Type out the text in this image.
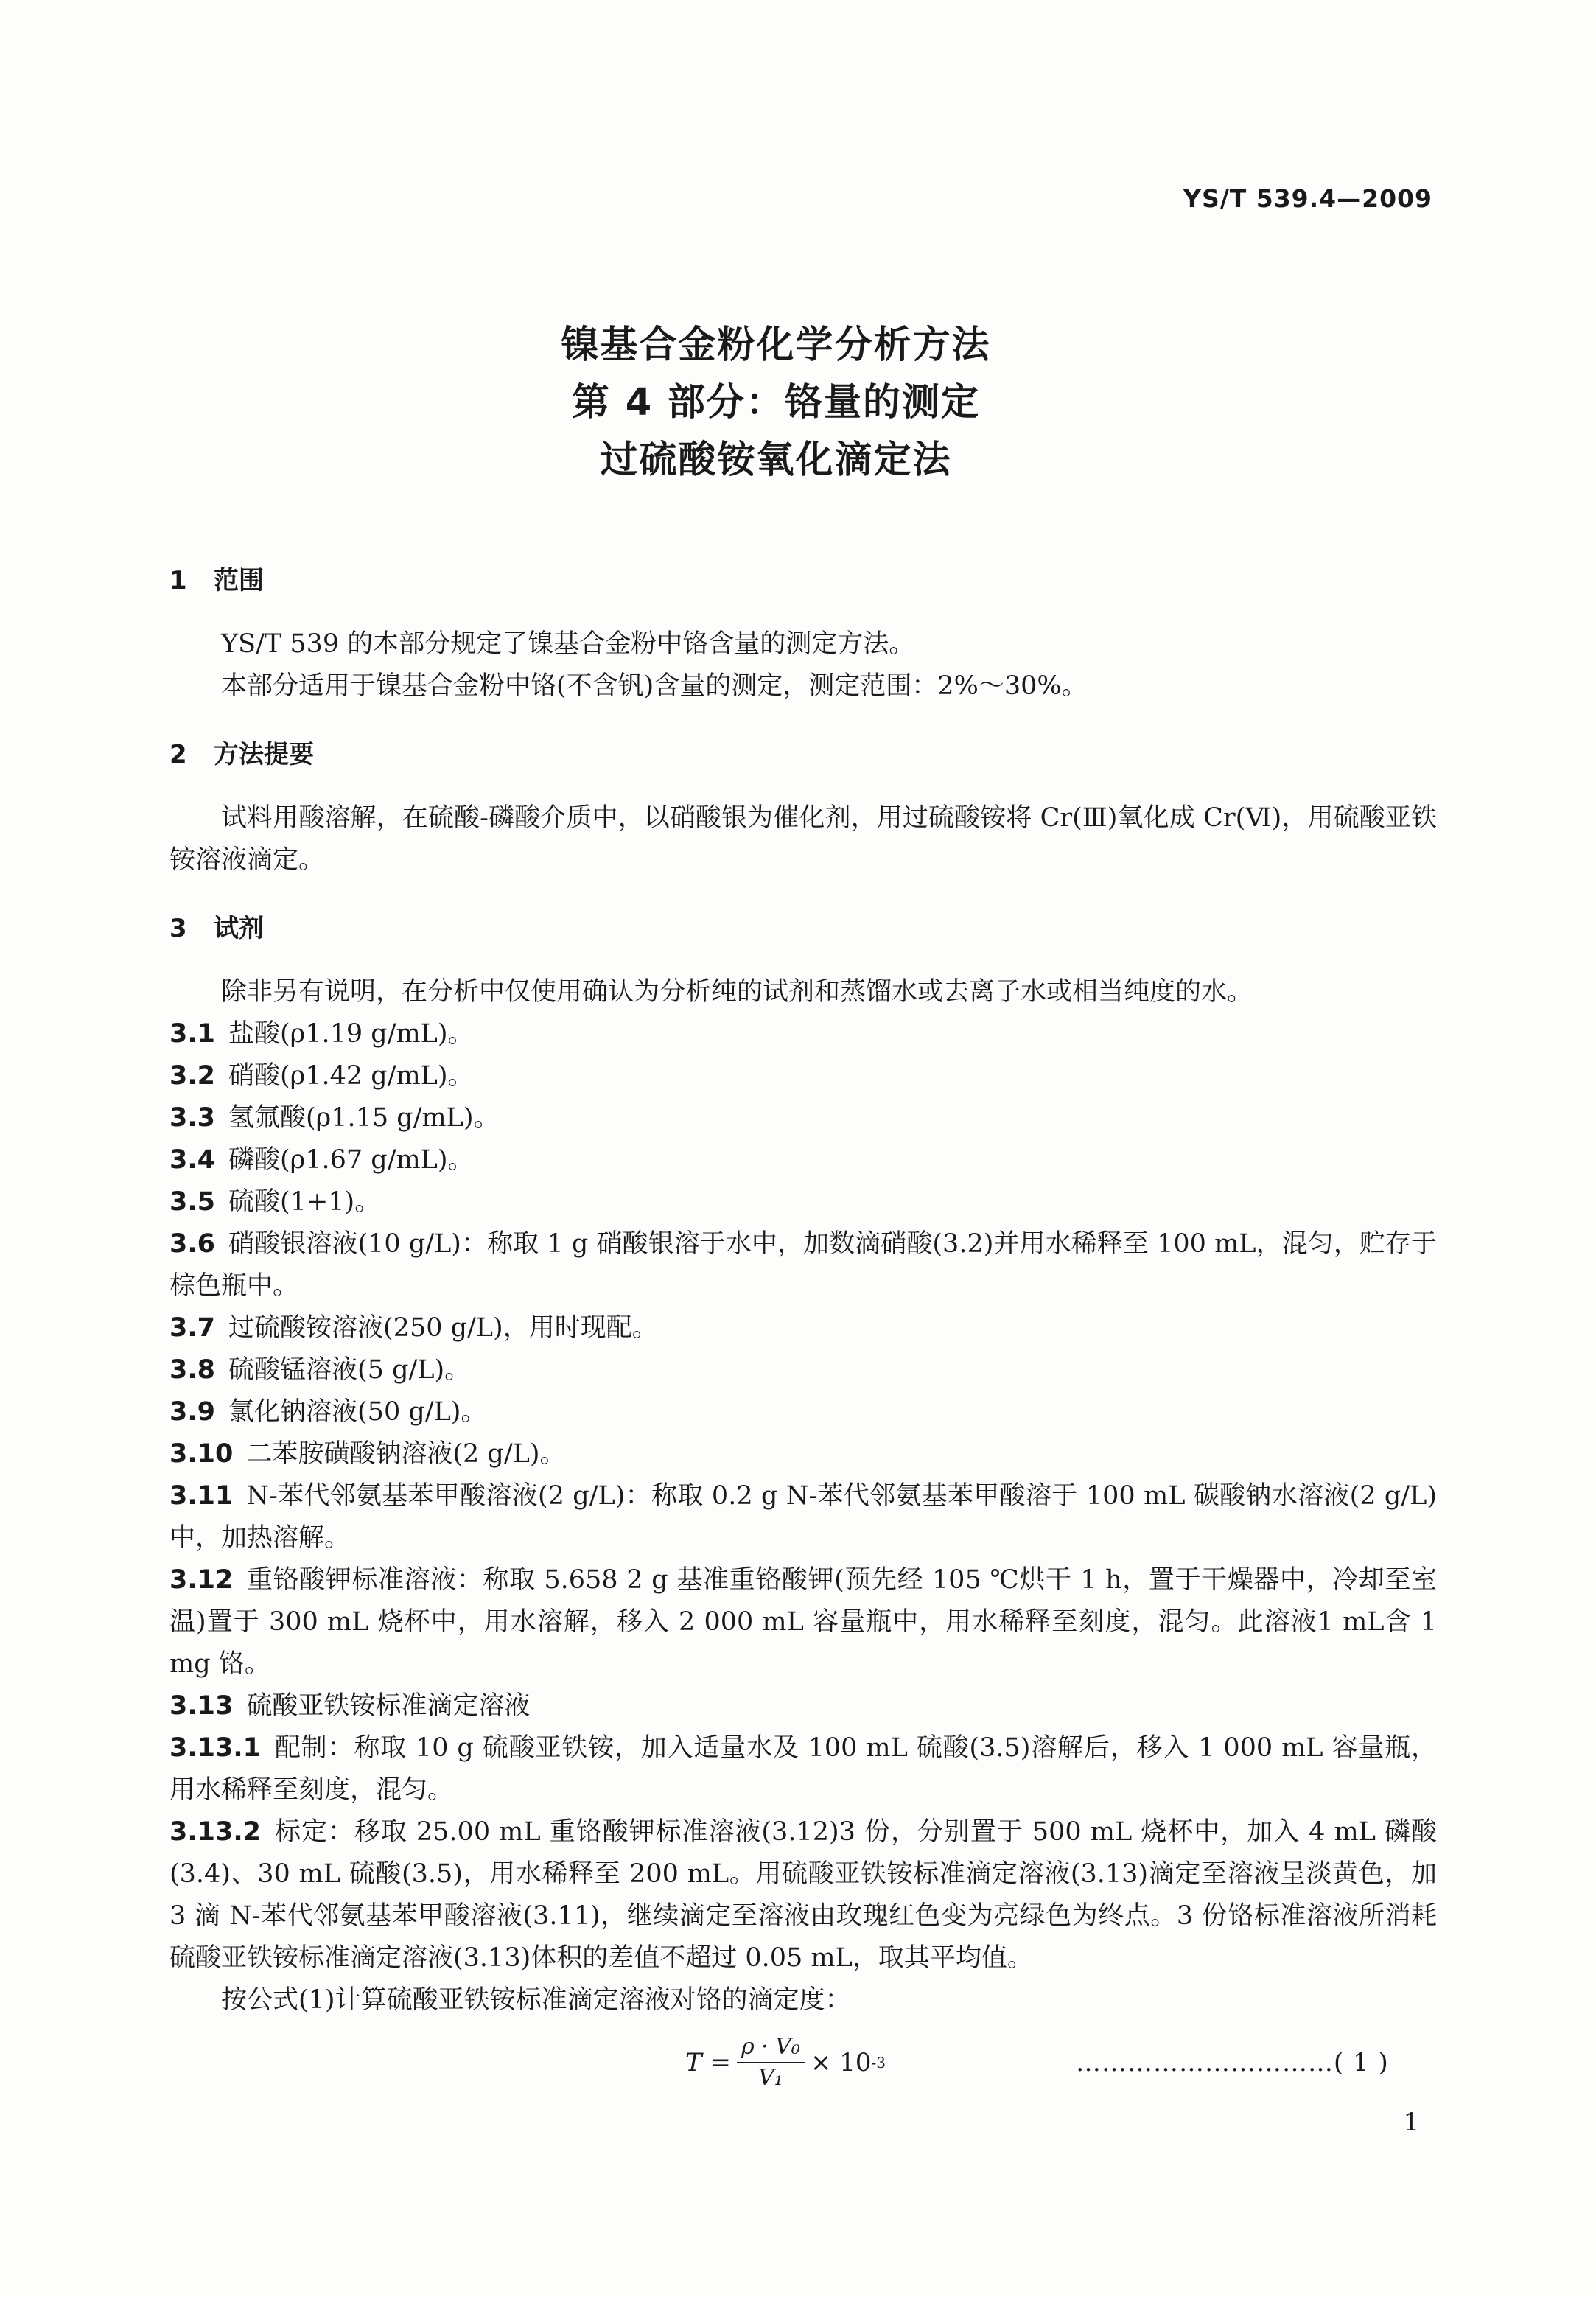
YS/T 539.4—2009
镍基合金粉化学分析方法
第 4 部分：铬量的测定
过硫酸铵氧化滴定法
1 范围

YS/T 539 的本部分规定了镍基合金粉中铬含量的测定方法。

本部分适用于镍基合金粉中铬(不含钒)含量的测定，测定范围：2%～30%。

2 方法提要

试料用酸溶解，在硫酸-磷酸介质中，以硝酸银为催化剂，用过硫酸铵将 Cr(Ⅲ)氧化成 Cr(Ⅵ)，用硫酸亚铁铵溶液滴定。

3 试剂

除非另有说明，在分析中仅使用确认为分析纯的试剂和蒸馏水或去离子水或相当纯度的水。

3.1 盐酸(ρ1.19 g/mL)。

3.2 硝酸(ρ1.42 g/mL)。

3.3 氢氟酸(ρ1.15 g/mL)。

3.4 磷酸(ρ1.67 g/mL)。

3.5 硫酸(1+1)。

3.6 硝酸银溶液(10 g/L)：称取 1 g 硝酸银溶于水中，加数滴硝酸(3.2)并用水稀释至 100 mL，混匀，贮存于棕色瓶中。

3.7 过硫酸铵溶液(250 g/L)，用时现配。

3.8 硫酸锰溶液(5 g/L)。

3.9 氯化钠溶液(50 g/L)。

3.10 二苯胺磺酸钠溶液(2 g/L)。

3.11 N-苯代邻氨基苯甲酸溶液(2 g/L)：称取 0.2 g N-苯代邻氨基苯甲酸溶于 100 mL 碳酸钠水溶液(2 g/L)中，加热溶解。

3.12 重铬酸钾标准溶液：称取 5.658 2 g 基准重铬酸钾(预先经 105 ℃烘干 1 h，置于干燥器中，冷却至室温)置于 300 mL 烧杯中，用水溶解，移入 2 000 mL 容量瓶中，用水稀释至刻度，混匀。此溶液1 mL含 1 mg 铬。

3.13 硫酸亚铁铵标准滴定溶液

3.13.1 配制：称取 10 g 硫酸亚铁铵，加入适量水及 100 mL 硫酸(3.5)溶解后，移入 1 000 mL 容量瓶，用水稀释至刻度，混匀。

3.13.2 标定：移取 25.00 mL 重铬酸钾标准溶液(3.12)3 份，分别置于 500 mL 烧杯中，加入 4 mL 磷酸(3.4)、30 mL 硫酸(3.5)，用水稀释至 200 mL。用硫酸亚铁铵标准滴定溶液(3.13)滴定至溶液呈淡黄色，加 3 滴 N-苯代邻氨基苯甲酸溶液(3.11)，继续滴定至溶液由玫瑰红色变为亮绿色为终点。3 份铬标准溶液所消耗硫酸亚铁铵标准滴定溶液(3.13)体积的差值不超过 0.05 mL，取其平均值。

按公式(1)计算硫酸亚铁铵标准滴定溶液对铬的滴定度：

$T = \frac{\text{ρ · V₀}}{\text{V₁}} \times 10$ -3	…………………………( 1 )
1
